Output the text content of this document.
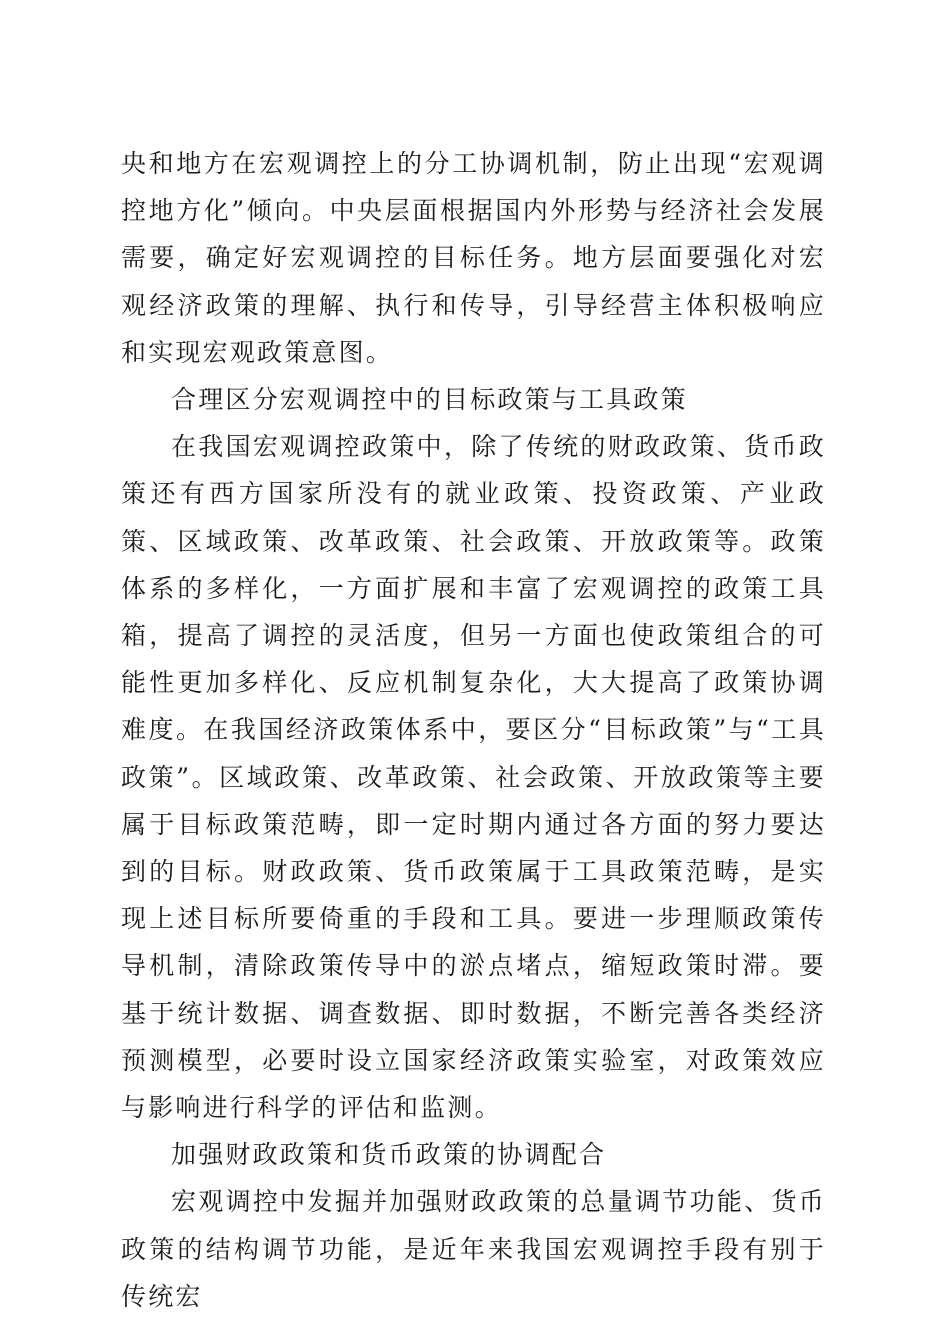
央和地方在宏观调控上的分工协调机制，防止出现“宏观调控地方化”倾向。中央层面根据国内外形势与经济社会发展需要，确定好宏观调控的目标任务。地方层面要强化对宏观经济政策的理解、执行和传导，引导经营主体积极响应和实现宏观政策意图。

合理区分宏观调控中的目标政策与工具政策

在我国宏观调控政策中，除了传统的财政政策、货币政策还有西方国家所没有的就业政策、投资政策、产业政策、区域政策、改革政策、社会政策、开放政策等。政策体系的多样化，一方面扩展和丰富了宏观调控的政策工具箱，提高了调控的灵活度，但另一方面也使政策组合的可能性更加多样化、反应机制复杂化，大大提高了政策协调难度。在我国经济政策体系中，要区分“目标政策”与“工具政策”。区域政策、改革政策、社会政策、开放政策等主要属于目标政策范畴，即一定时期内通过各方面的努力要达到的目标。财政政策、货币政策属于工具政策范畴，是实现上述目标所要倚重的手段和工具。要进一步理顺政策传导机制，清除政策传导中的淤点堵点，缩短政策时滞。要基于统计数据、调查数据、即时数据，不断完善各类经济预测模型，必要时设立国家经济政策实验室，对政策效应与影响进行科学的评估和监测。

加强财政政策和货币政策的协调配合

宏观调控中发掘并加强财政政策的总量调节功能、货币政策的结构调节功能，是近年来我国宏观调控手段有别于传统宏
